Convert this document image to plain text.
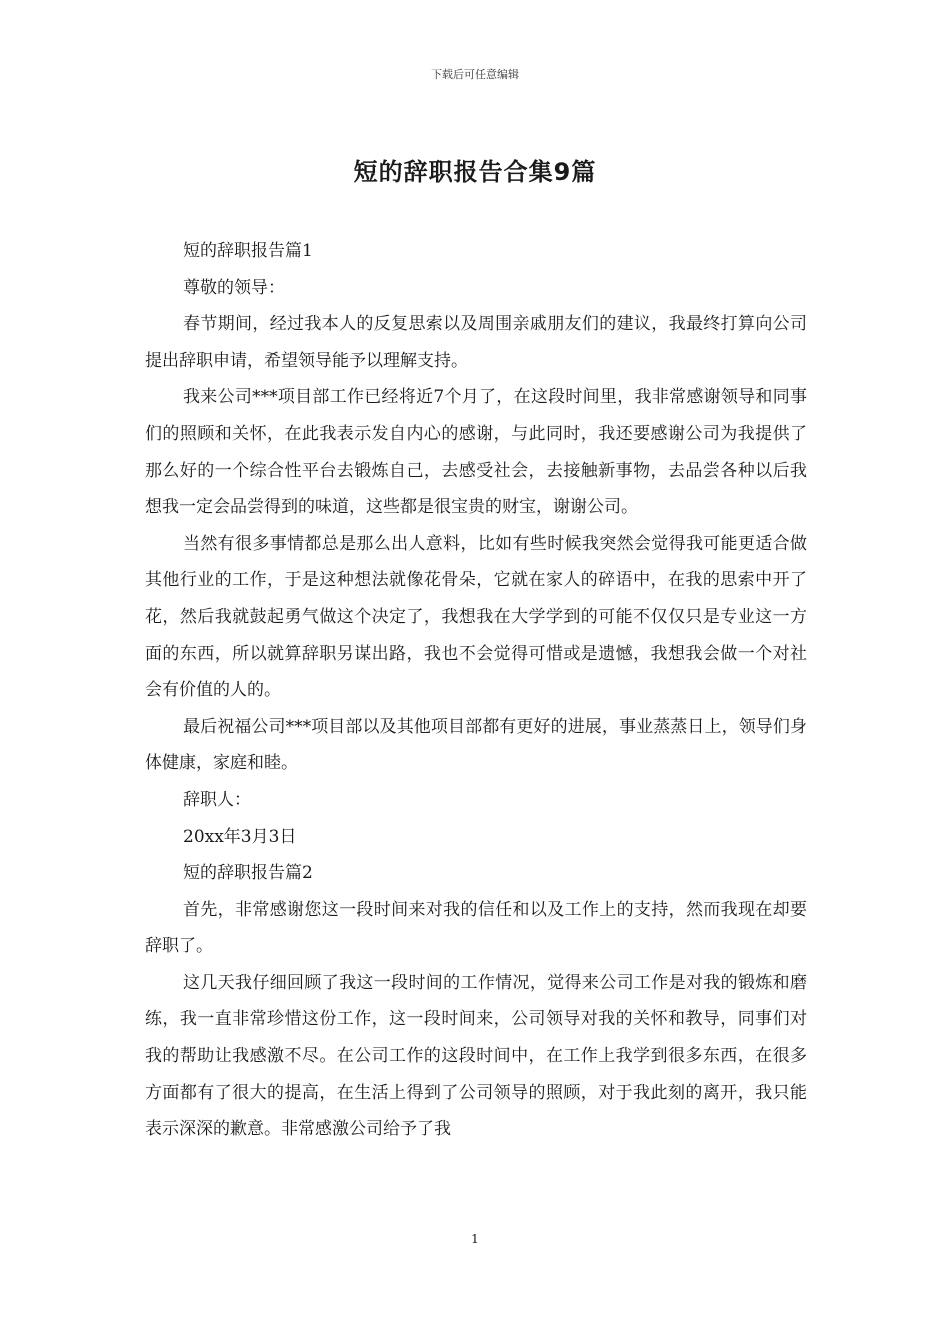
下载后可任意编辑
短的辞职报告合集9篇

短的辞职报告篇1

尊敬的领导：

春节期间，经过我本人的反复思索以及周围亲戚朋友们的建议，我最终打算向公司提出辞职申请，希望领导能予以理解支持。

我来公司***项目部工作已经将近7个月了，在这段时间里，我非常感谢领导和同事们的照顾和关怀，在此我表示发自内心的感谢，与此同时，我还要感谢公司为我提供了那么好的一个综合性平台去锻炼自己，去感受社会，去接触新事物，去品尝各种以后我想我一定会品尝得到的味道，这些都是很宝贵的财宝，谢谢公司。

当然有很多事情都总是那么出人意料，比如有些时候我突然会觉得我可能更适合做其他行业的工作，于是这种想法就像花骨朵，它就在家人的碎语中，在我的思索中开了花，然后我就鼓起勇气做这个决定了，我想我在大学学到的可能不仅仅只是专业这一方面的东西，所以就算辞职另谋出路，我也不会觉得可惜或是遗憾，我想我会做一个对社会有价值的人的。

最后祝福公司***项目部以及其他项目部都有更好的进展，事业蒸蒸日上，领导们身体健康，家庭和睦。

辞职人：

20xx年3月3日

短的辞职报告篇2

首先，非常感谢您这一段时间来对我的信任和以及工作上的支持，然而我现在却要辞职了。

这几天我仔细回顾了我这一段时间的工作情况，觉得来公司工作是对我的锻炼和磨练，我一直非常珍惜这份工作，这一段时间来，公司领导对我的关怀和教导，同事们对我的帮助让我感激不尽。在公司工作的这段时间中，在工作上我学到很多东西，在很多方面都有了很大的提高，在生活上得到了公司领导的照顾，对于我此刻的离开，我只能表示深深的歉意。非常感激公司给予了我

1
